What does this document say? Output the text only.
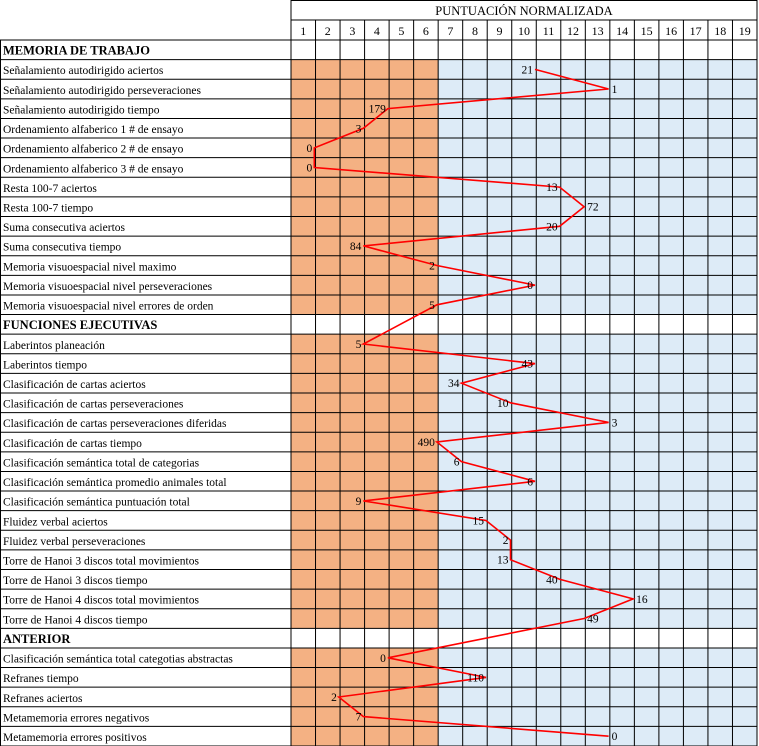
MEMORIA DE TRABAJO
Señalamiento autodirigido aciertos
Señalamiento autodirigido perseveraciones
Señalamiento autodirigido tiempo
Ordenamiento alfaberico 1 # de ensayo
Ordenamiento alfaberico 2 # de ensayo
Ordenamiento alfaberico 3 # de ensayo
Resta 100-7 aciertos
Resta 100-7 tiempo
Suma consecutiva aciertos
Suma consecutiva tiempo
Memoria visuoespacial nivel maximo
Memoria visuoespacial nivel perseveraciones
Memoria visuoespacial nivel errores de orden
FUNCIONES EJECUTIVAS
Laberintos planeación
Laberintos tiempo
Clasificación de cartas aciertos
Clasificación de cartas perseveraciones
Clasificación de cartas perseveraciones diferidas
Clasificación de cartas tiempo
Clasificación semántica total de categorias
Clasificación semántica promedio animales total
Clasificación semántica puntuación total
Fluidez verbal aciertos
Fluidez verbal perseveraciones
Torre de Hanoi 3 discos total movimientos
Torre de Hanoi 3 discos tiempo
Torre de Hanoi 4 discos total movimientos
Torre de Hanoi 4 discos tiempo
ANTERIOR
Clasificación semántica total categotias abstractas
Refranes tiempo
Refranes aciertos
Metamemoria errores negativos
Metamemoria errores positivos
PUNTUACIÓN NORMALIZADA
1 2 3 4 5 6 7 8 9 10 11 12 13 14 15 16 17 18 19
21
1
179
3
0
0
13
72
20
84
2
0
5
5
43
34
10
3
490
6
6
9
15
2
13
40
16
49
0
110
2
7
0
